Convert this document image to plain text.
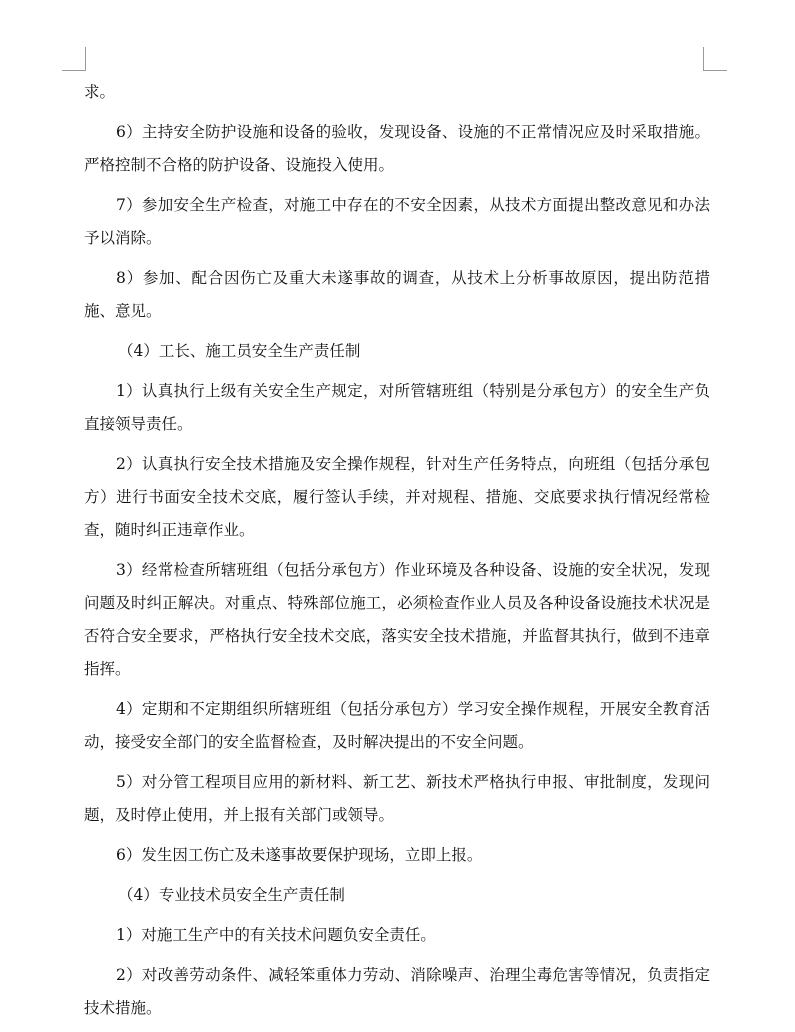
求。

6）主持安全防护设施和设备的验收，发现设备、设施的不正常情况应及时采取措施。严格控制不合格的防护设备、设施投入使用。

7）参加安全生产检查，对施工中存在的不安全因素，从技术方面提出整改意见和办法予以消除。

8）参加、配合因伤亡及重大未遂事故的调查，从技术上分析事故原因，提出防范措施、意见。

（4）工长、施工员安全生产责任制

1）认真执行上级有关安全生产规定，对所管辖班组（特别是分承包方）的安全生产负直接领导责任。

2）认真执行安全技术措施及安全操作规程，针对生产任务特点，向班组（包括分承包方）进行书面安全技术交底，履行签认手续，并对规程、措施、交底要求执行情况经常检查，随时纠正违章作业。

3）经常检查所辖班组（包括分承包方）作业环境及各种设备、设施的安全状况，发现问题及时纠正解决。对重点、特殊部位施工，必须检查作业人员及各种设备设施技术状况是否符合安全要求，严格执行安全技术交底，落实安全技术措施，并监督其执行，做到不违章指挥。

4）定期和不定期组织所辖班组（包括分承包方）学习安全操作规程，开展安全教育活动，接受安全部门的安全监督检查，及时解决提出的不安全问题。

5）对分管工程项目应用的新材料、新工艺、新技术严格执行申报、审批制度，发现问题，及时停止使用，并上报有关部门或领导。

6）发生因工伤亡及未遂事故要保护现场，立即上报。

（4）专业技术员安全生产责任制

1）对施工生产中的有关技术问题负安全责任。

2）对改善劳动条件、减轻笨重体力劳动、消除噪声、治理尘毒危害等情况，负责指定技术措施。
